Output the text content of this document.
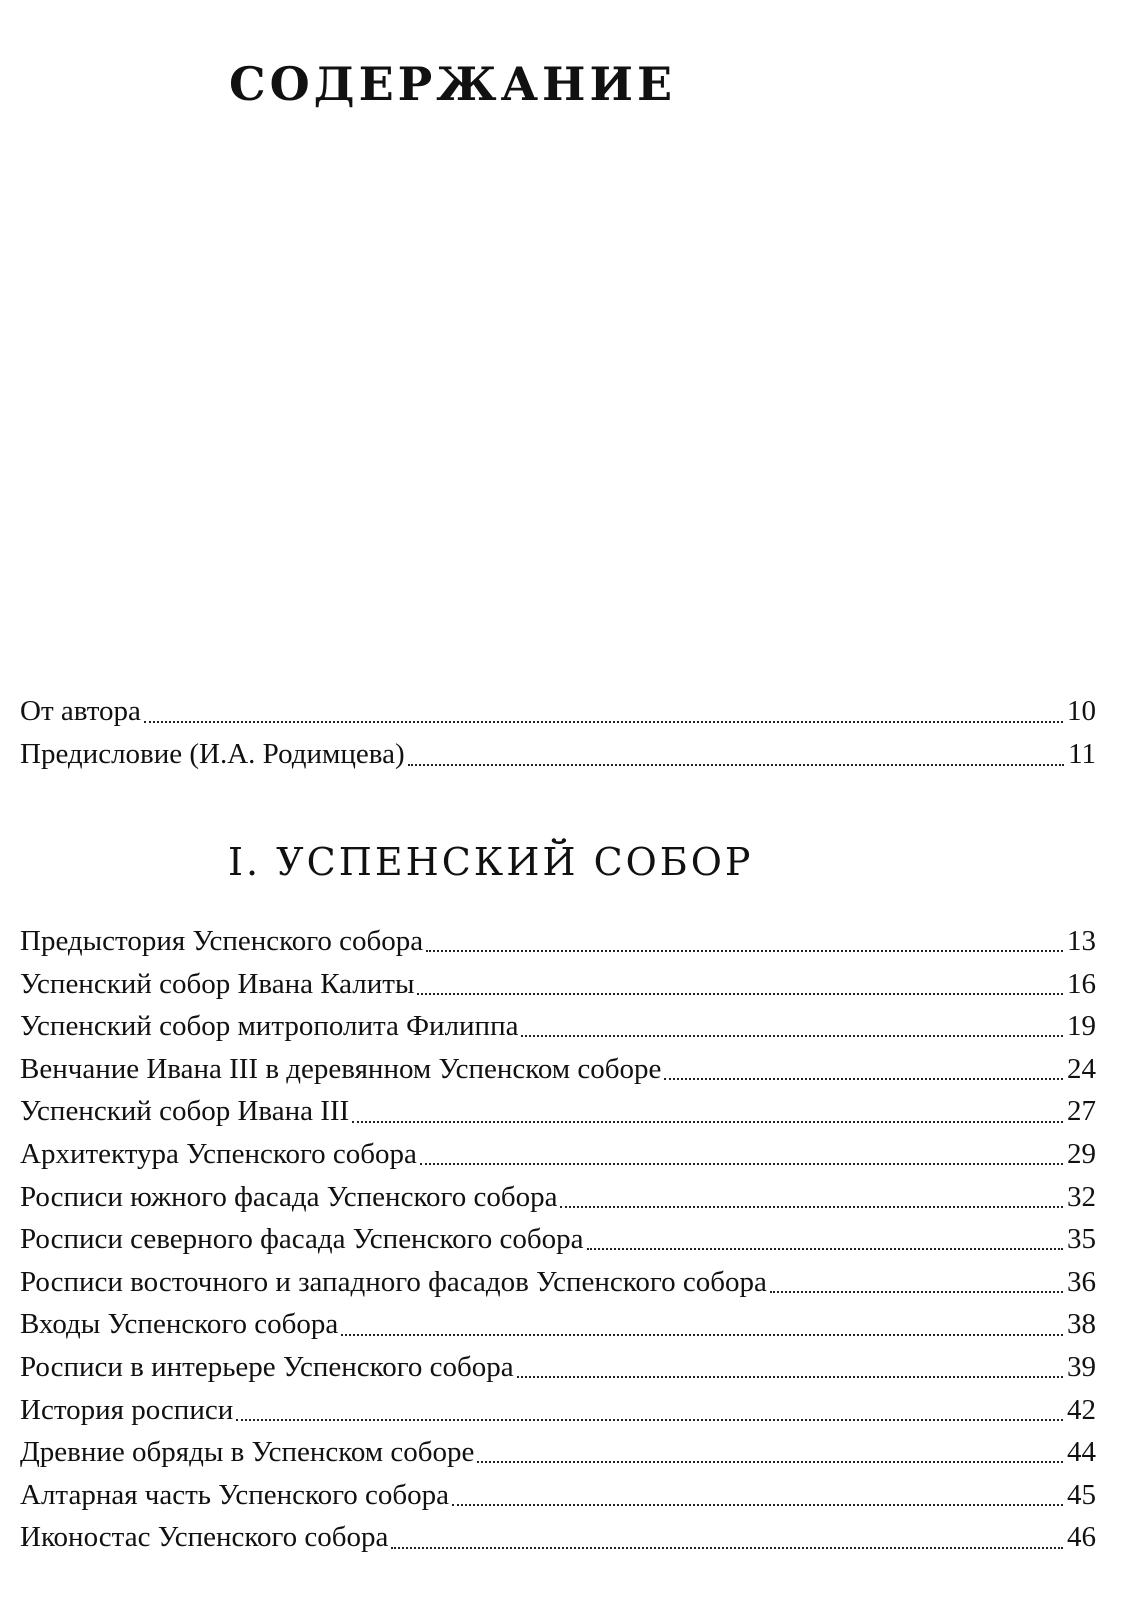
СОДЕРЖАНИЕ
От автора	10
Предисловие (И.А. Родимцева)	11
I. УСПЕНСКИЙ СОБОР
Предыстория Успенского собора	13
Успенский собор Ивана Калиты	16
Успенский собор митрополита Филиппа	19
Венчание Ивана III в деревянном Успенском соборе	24
Успенский собор Ивана III	27
Архитектура Успенского собора	29
Росписи южного фасада Успенского собора	32
Росписи северного фасада Успенского собора	35
Росписи восточного и западного фасадов Успенского собора	36
Входы Успенского собора	38
Росписи в интерьере Успенского собора	39
История росписи	42
Древние обряды в Успенском соборе	44
Алтарная часть Успенского собора	45
Иконостас Успенского собора	46
